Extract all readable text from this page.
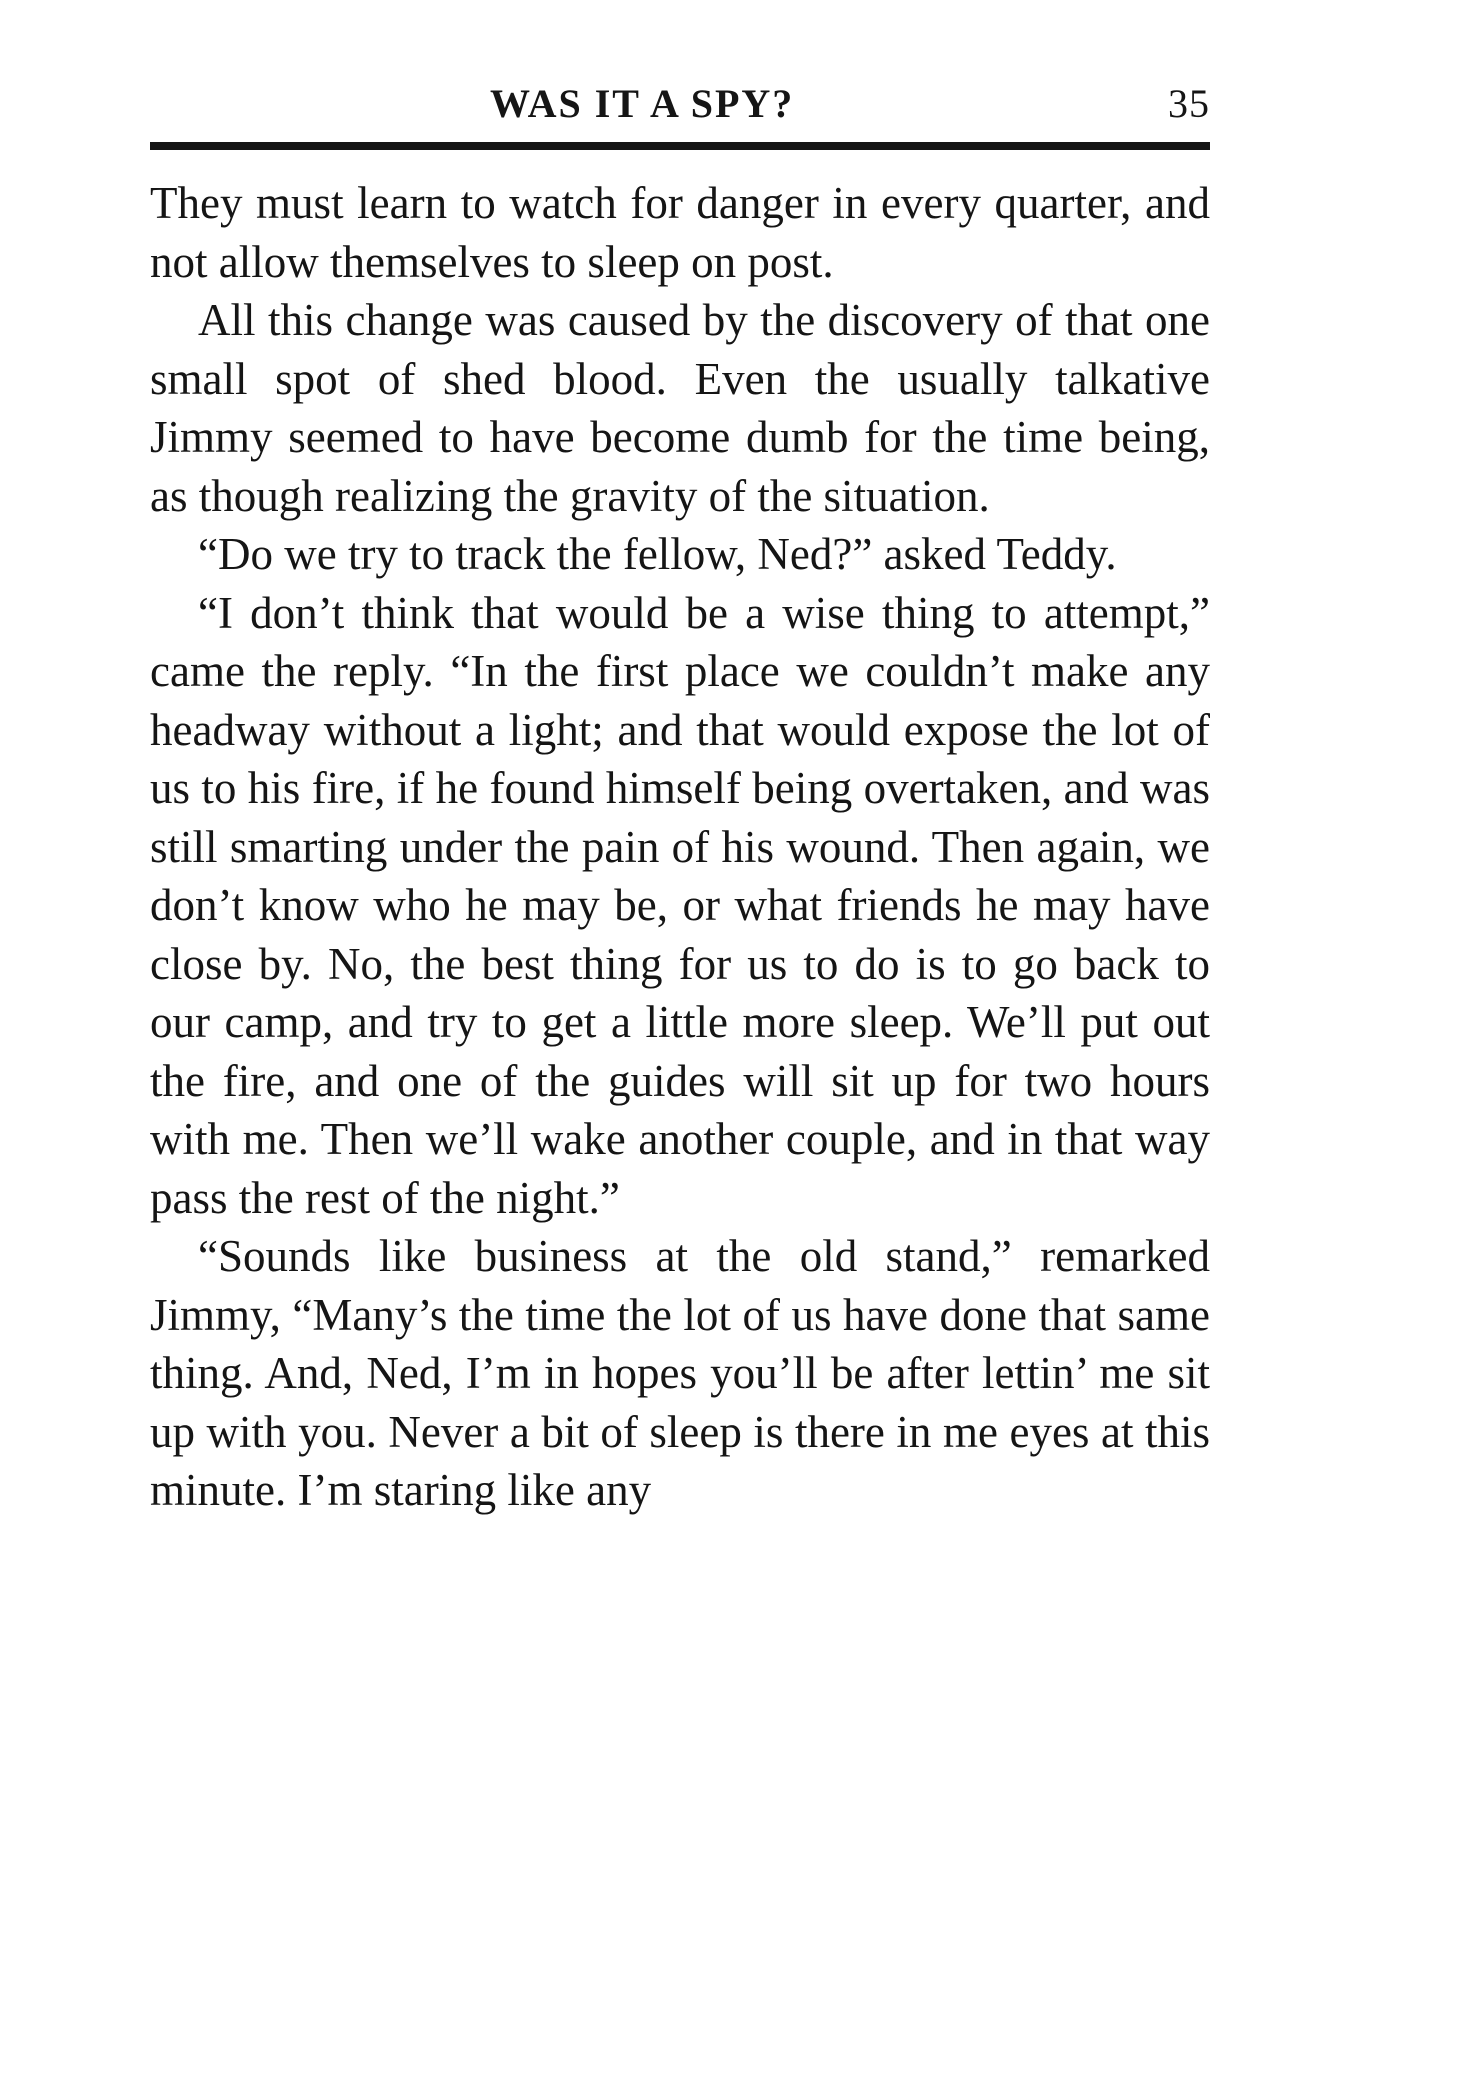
WAS IT A SPY?	35

They must learn to watch for danger in every quarter, and not allow themselves to sleep on post.

All this change was caused by the discovery of that one small spot of shed blood. Even the usually talkative Jimmy seemed to have become dumb for the time being, as though realizing the gravity of the situation.

“Do we try to track the fellow, Ned?” asked Teddy.

“I don’t think that would be a wise thing to attempt,” came the reply. “In the first place we couldn’t make any headway without a light; and that would expose the lot of us to his fire, if he found himself being overtaken, and was still smarting under the pain of his wound. Then again, we don’t know who he may be, or what friends he may have close by. No, the best thing for us to do is to go back to our camp, and try to get a little more sleep. We’ll put out the fire, and one of the guides will sit up for two hours with me. Then we’ll wake another couple, and in that way pass the rest of the night.”

“Sounds like business at the old stand,” remarked Jimmy, “Many’s the time the lot of us have done that same thing. And, Ned, I’m in hopes you’ll be after lettin’ me sit up with you. Never a bit of sleep is there in me eyes at this minute. I’m staring like any
